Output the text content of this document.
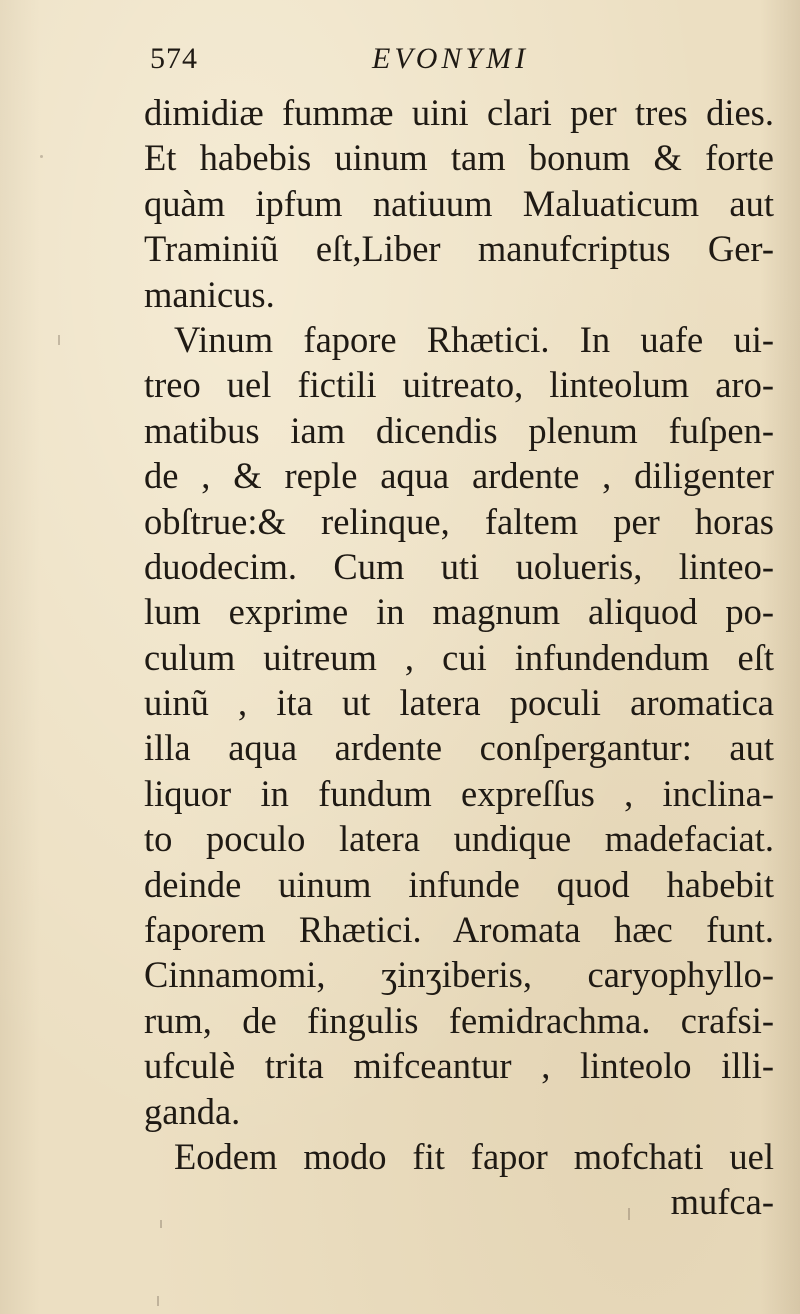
574	EVONYMI
dimidiæ fummæ uini clari per tres dies.
Et habebis uinum tam bonum & forte
quàm ipfum natiuum Maluaticum aut
Traminiũ eſt,Liber manufcriptus Ger-
manicus.
Vinum fapore Rhætici. In uafe ui-
treo uel fictili uitreato, linteolum aro-
matibus iam dicendis plenum fuſpen-
de , & reple aqua ardente , diligenter
obſtrue:& relinque, faltem per horas
duodecim. Cum uti uolueris, linteo-
lum exprime in magnum aliquod po-
culum uitreum , cui infundendum eſt
uinũ , ita ut latera poculi aromatica
illa aqua ardente conſpergantur: aut
liquor in fundum expreſſus , inclina-
to poculo latera undique madefaciat.
deinde uinum infunde quod habebit
faporem Rhætici. Aromata hæc funt.
Cinnamomi, ʒinʒiberis, caryophyllo-
rum, de fingulis femidrachma. crafsi-
ufculè trita mifceantur , linteolo illi-
ganda.
Eodem modo fit fapor mofchati uel
mufca-
